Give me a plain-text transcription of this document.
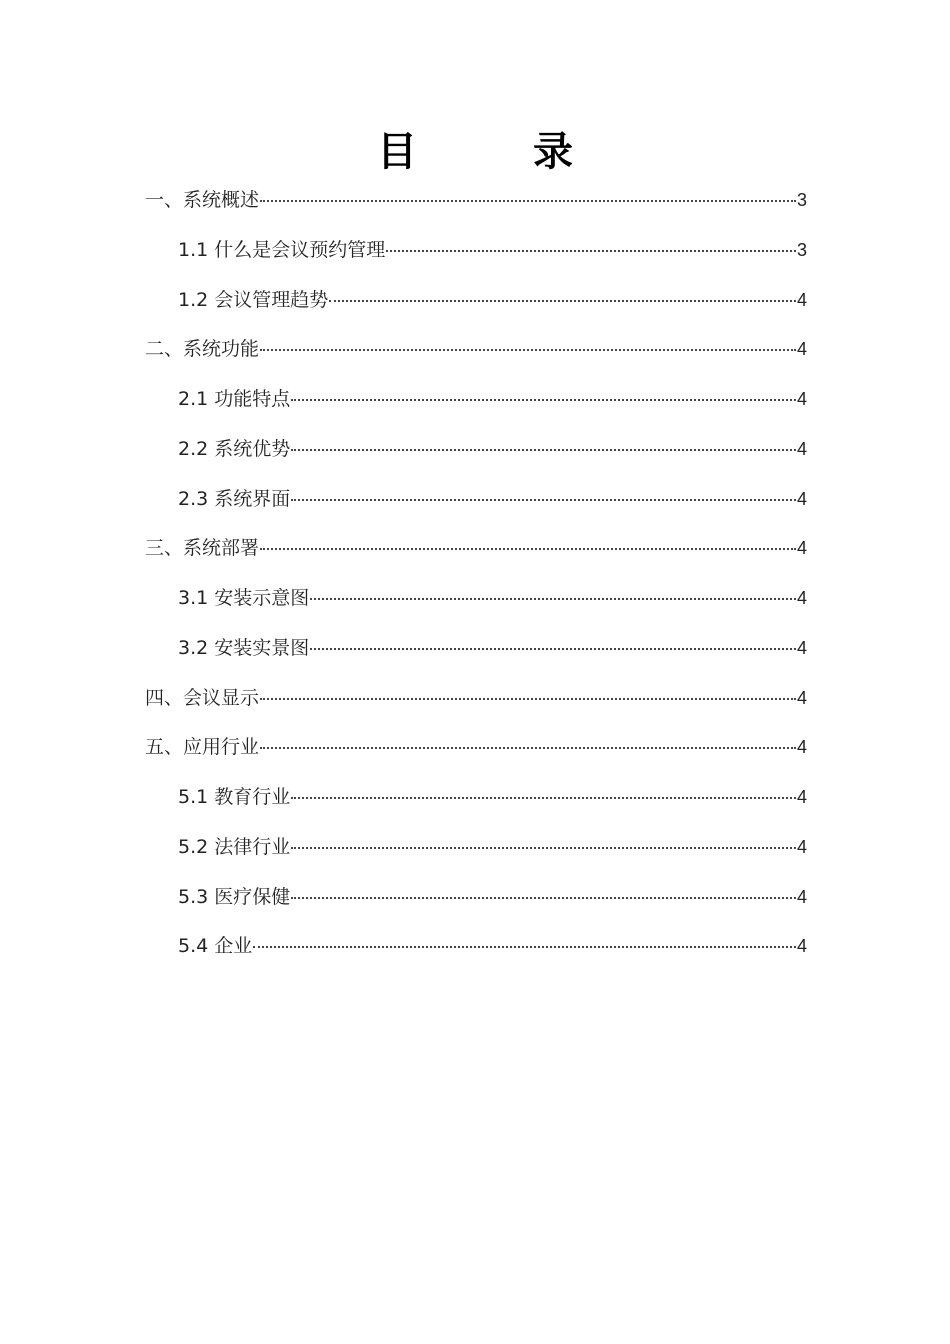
目　录
一、系统概述	3
1.1 什么是会议预约管理	3
1.2 会议管理趋势	4
二、系统功能	4
2.1 功能特点	4
2.2 系统优势	4
2.3 系统界面	4
三、系统部署	4
3.1 安装示意图	4
3.2 安装实景图	4
四、会议显示	4
五、应用行业	4
5.1 教育行业	4
5.2 法律行业	4
5.3 医疗保健	4
5.4 企业	4
